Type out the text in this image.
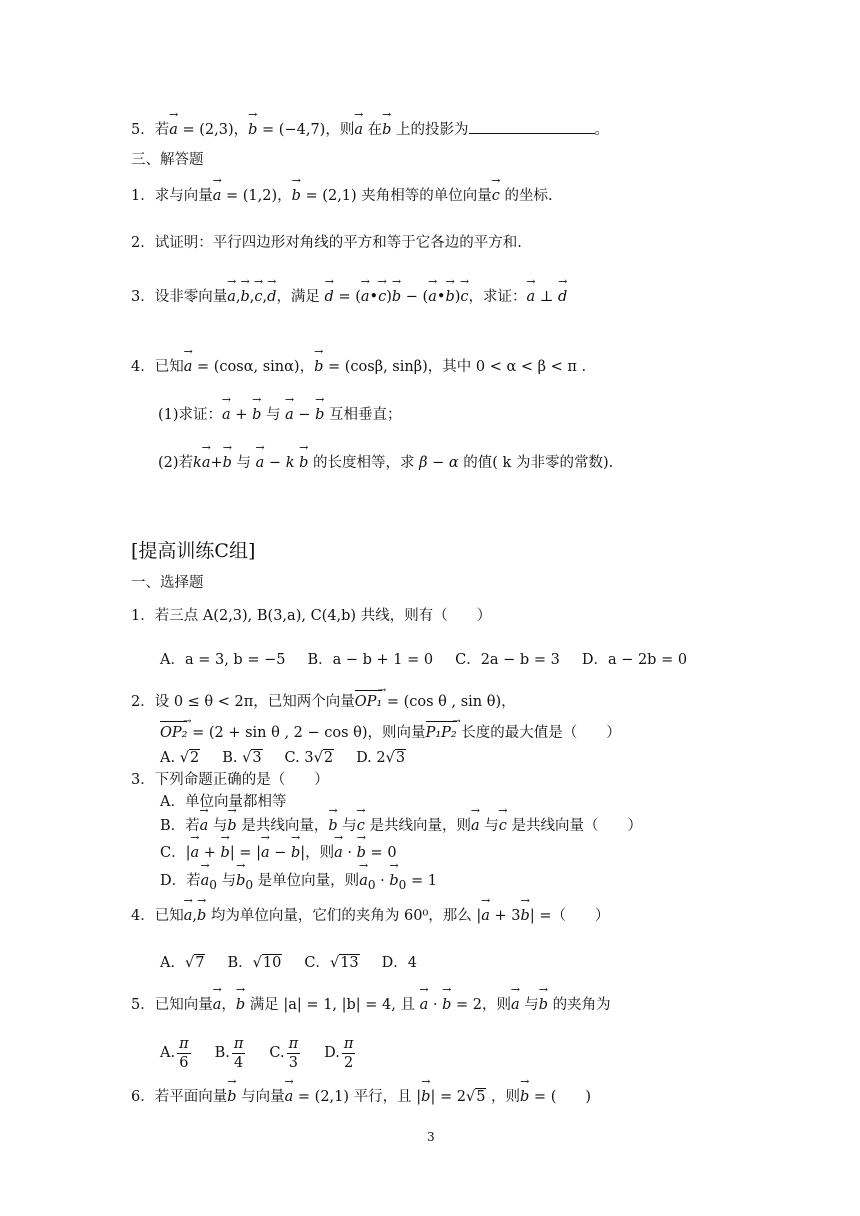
5．若→ a = (2,3)，→ b = (−4,7)，则→ a 在→ b 上的投影为	。
三、解答题
1．求与向量→ a = (1,2)，→ b = (2,1) 夹角相等的单位向量→ c 的坐标.
2．试证明：平行四边形对角线的平方和等于它各边的平方和.
3．设非零向量→ a,→ b,→ c,→ d，满足 → d = (→ a•→ c)→ b − (→ a•→ b)→ c，求证：→ a ⊥ → d
4．已知→ a = (cosα, sinα)，→ b = (cosβ, sinβ)，其中 0 < α < β < π .
(1)求证：→ a + → b 与 → a − → b 互相垂直；
(2)若k→ a+→ b 与 → a − k → b 的长度相等，求 β − α 的值( k 为非零的常数).
[提高训练C组]
一、选择题
1．若三点 A(2,3), B(3,a), C(4,b) 共线，则有（　　）
A．a = 3, b = −5 B．a − b + 1 = 0 C．2a − b = 3 D．a − 2b = 0
2．设 0 ≤ θ < 2π，已知两个向量OP₁ → = (cos θ , sin θ)，
OP₂ → = (2 + sin θ , 2 − cos θ)，则向量P₁P₂ → 长度的最大值是（　　）
A. √2 B. √3 C. 3√2 D. 2√3
3．下列命题正确的是（　　）
A．单位向量都相等
B．若→ a 与→ b 是共线向量，→ b 与→ c 是共线向量，则→ a 与→ c 是共线向量（　　）
C．|→ a + → b| = |→ a − → b|，则→ a · → b = 0
D．若→ $a_0$ 与→ $b_0$ 是单位向量，则→ $a_0$ · → $b_0 = 1$
4．已知→ a,→ b 均为单位向量，它们的夹角为 60⁰，那么 |→ a + 3→ b| =（　　）
A．√7 B．√10 C．√13 D．4
5．已知向量→ a，→ b 满足 |a| = 1, |b| = 4, 且 → a · → b = 2，则→ a 与→ b 的夹角为
A. $\frac{\pi}{6} B$. $\frac{\pi}{4} C$. $\frac{\pi}{3} D$. $\frac{\pi}{2}$
6．若平面向量→ b 与向量→ a = (2,1) 平行，且 |→ b| = 2√5 ，则→ b = (　　)
3
